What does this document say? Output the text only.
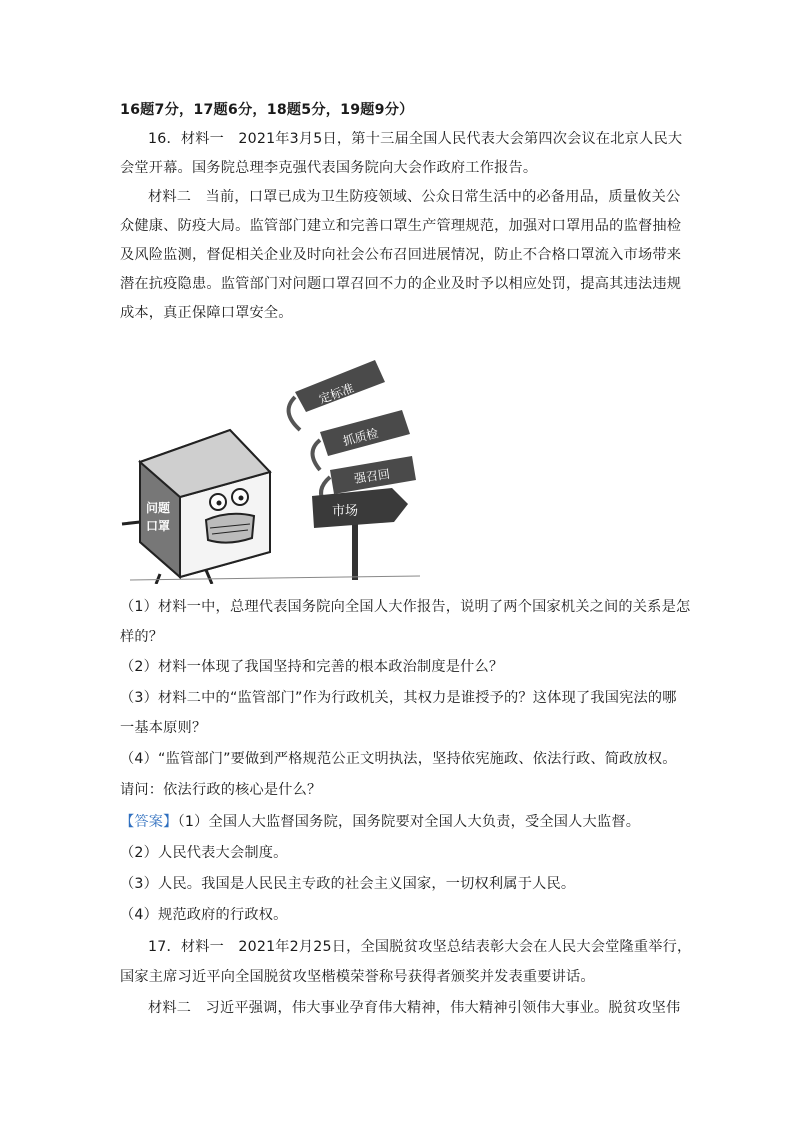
16题7分，17题6分，18题5分，19题9分）
16．材料一　2021年3月5日，第十三届全国人民代表大会第四次会议在北京人民大
会堂开幕。国务院总理李克强代表国务院向大会作政府工作报告。
材料二　当前，口罩已成为卫生防疫领域、公众日常生活中的必备用品，质量攸关公
众健康、防疫大局。监管部门建立和完善口罩生产管理规范，加强对口罩用品的监督抽检
及风险监测，督促相关企业及时向社会公布召回进展情况，防止不合格口罩流入市场带来
潜在抗疫隐患。监管部门对问题口罩召回不力的企业及时予以相应处罚，提高其违法违规
成本，真正保障口罩安全。
定标准
抓质检
强召回
市场
问题
口罩
（1）材料一中，总理代表国务院向全国人大作报告，说明了两个国家机关之间的关系是怎
样的？
（2）材料一体现了我国坚持和完善的根本政治制度是什么？
（3）材料二中的“监管部门”作为行政机关，其权力是谁授予的？这体现了我国宪法的哪
一基本原则？
（4）“监管部门”要做到严格规范公正文明执法，坚持依宪施政、依法行政、简政放权。
请问：依法行政的核心是什么？
【答案】（1）全国人大监督国务院，国务院要对全国人大负责，受全国人大监督。
（2）人民代表大会制度。
（3）人民。我国是人民民主专政的社会主义国家，一切权利属于人民。
（4）规范政府的行政权。
17．材料一　2021年2月25日，全国脱贫攻坚总结表彰大会在人民大会堂隆重举行，
国家主席习近平向全国脱贫攻坚楷模荣誉称号获得者颁奖并发表重要讲话。
材料二　习近平强调，伟大事业孕育伟大精神，伟大精神引领伟大事业。脱贫攻坚伟
